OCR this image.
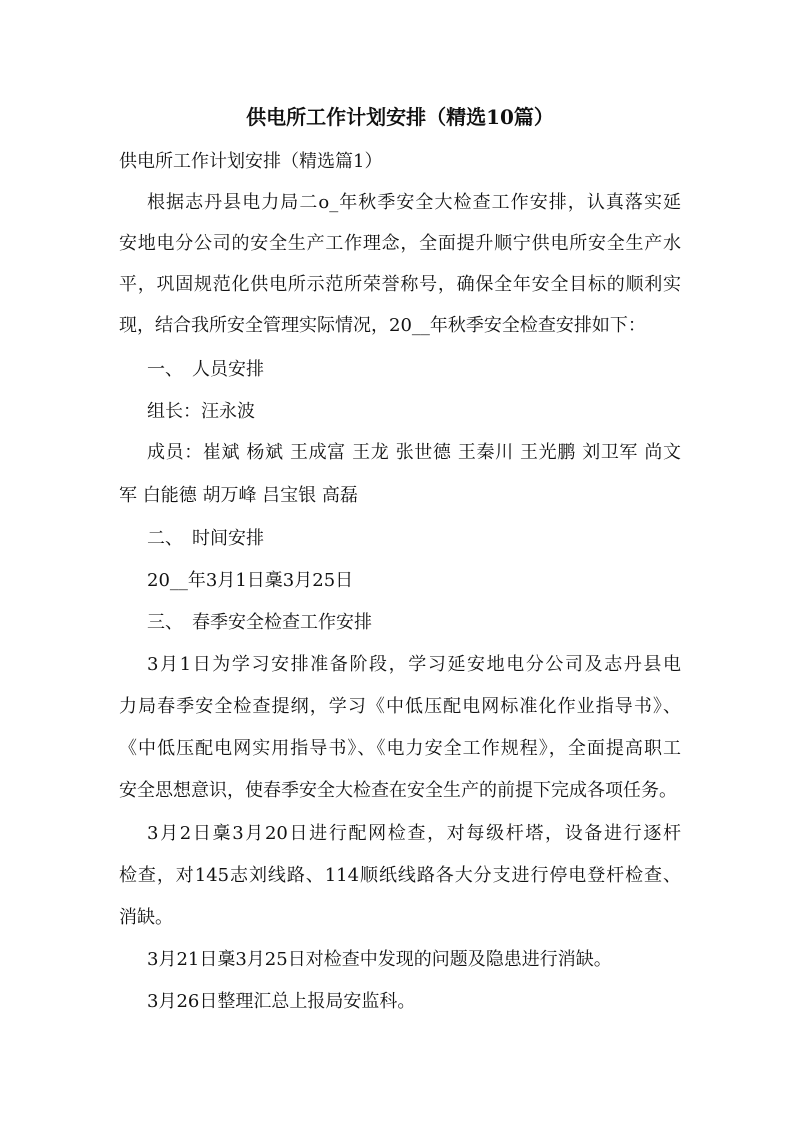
供电所工作计划安排（精选10篇）
供电所工作计划安排（精选篇1）
根据志丹县电力局二o_年秋季安全大检查工作安排，认真落实延
安地电分公司的安全生产工作理念，全面提升顺宁供电所安全生产水
平，巩固规范化供电所示范所荣誉称号，确保全年安全目标的顺利实
现，结合我所安全管理实际情况，20__年秋季安全检查安排如下：
一、　人员安排
组长：汪永波
成员：崔斌 杨斌 王成富 王龙 张世德 王秦川 王光鹏 刘卫军 尚文
军 白能德 胡万峰 吕宝银 高磊
二、　时间安排
20__年3月1日稾3月25日
三、　春季安全检查工作安排
3月1日为学习安排准备阶段，学习延安地电分公司及志丹县电
力局春季安全检查提纲，学习《中低压配电网标准化作业指导书》、
《中低压配电网实用指导书》、《电力安全工作规程》，全面提高职工
安全思想意识，使春季安全大检查在安全生产的前提下完成各项任务。
3月2日稾3月20日进行配网检查，对每级杆塔，设备进行逐杆
检查，对145志刘线路、114顺纸线路各大分支进行停电登杆检查、
消缺。
3月21日稾3月25日对检查中发现的问题及隐患进行消缺。
3月26日整理汇总上报局安监科。
